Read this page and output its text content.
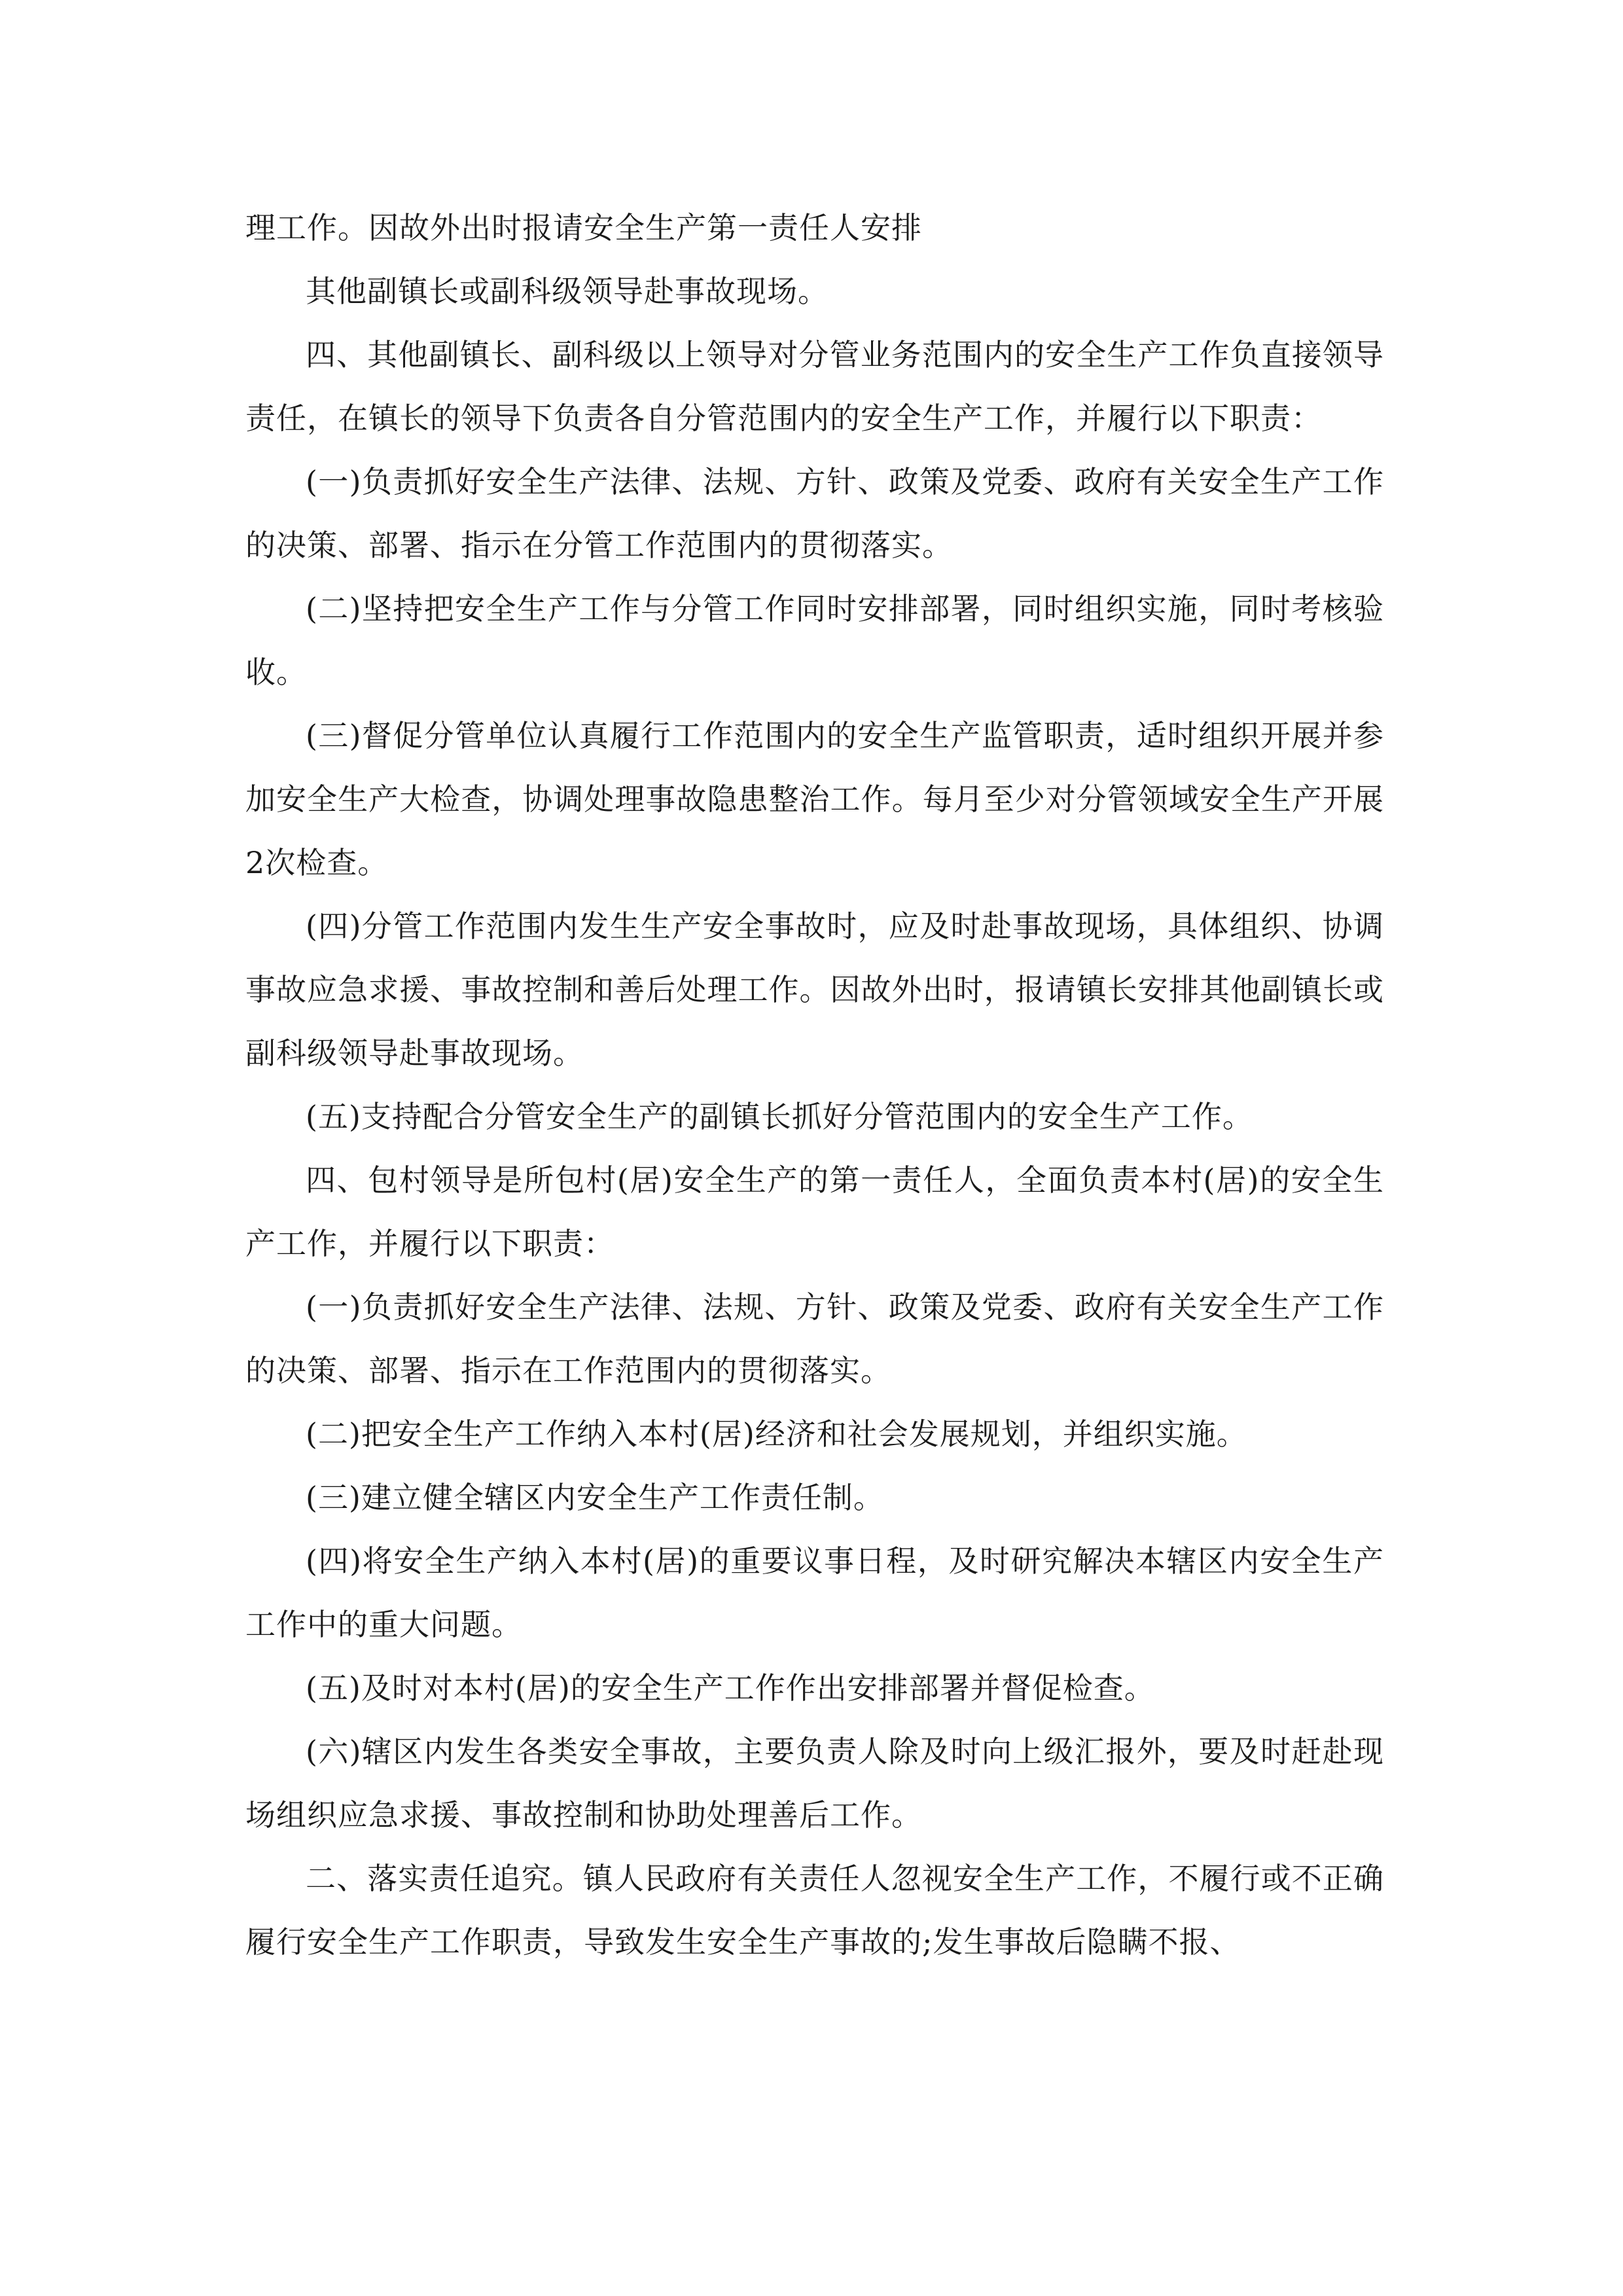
理工作。因故外出时报请安全生产第一责任人安排

其他副镇长或副科级领导赴事故现场。

四、其他副镇长、副科级以上领导对分管业务范围内的安全生产工作负直接领导责任，在镇长的领导下负责各自分管范围内的安全生产工作，并履行以下职责：

(一)负责抓好安全生产法律、法规、方针、政策及党委、政府有关安全生产工作的决策、部署、指示在分管工作范围内的贯彻落实。

(二)坚持把安全生产工作与分管工作同时安排部署，同时组织实施，同时考核验收。

(三)督促分管单位认真履行工作范围内的安全生产监管职责，适时组织开展并参加安全生产大检查，协调处理事故隐患整治工作。每月至少对分管领域安全生产开展2次检查。

(四)分管工作范围内发生生产安全事故时，应及时赴事故现场，具体组织、协调事故应急求援、事故控制和善后处理工作。因故外出时，报请镇长安排其他副镇长或副科级领导赴事故现场。

(五)支持配合分管安全生产的副镇长抓好分管范围内的安全生产工作。

四、包村领导是所包村(居)安全生产的第一责任人，全面负责本村(居)的安全生产工作，并履行以下职责：

(一)负责抓好安全生产法律、法规、方针、政策及党委、政府有关安全生产工作的决策、部署、指示在工作范围内的贯彻落实。

(二)把安全生产工作纳入本村(居)经济和社会发展规划，并组织实施。

(三)建立健全辖区内安全生产工作责任制。

(四)将安全生产纳入本村(居)的重要议事日程，及时研究解决本辖区内安全生产工作中的重大问题。

(五)及时对本村(居)的安全生产工作作出安排部署并督促检查。

(六)辖区内发生各类安全事故，主要负责人除及时向上级汇报外，要及时赶赴现场组织应急求援、事故控制和协助处理善后工作。

二、落实责任追究。镇人民政府有关责任人忽视安全生产工作，不履行或不正确履行安全生产工作职责，导致发生安全生产事故的;发生事故后隐瞒不报、
